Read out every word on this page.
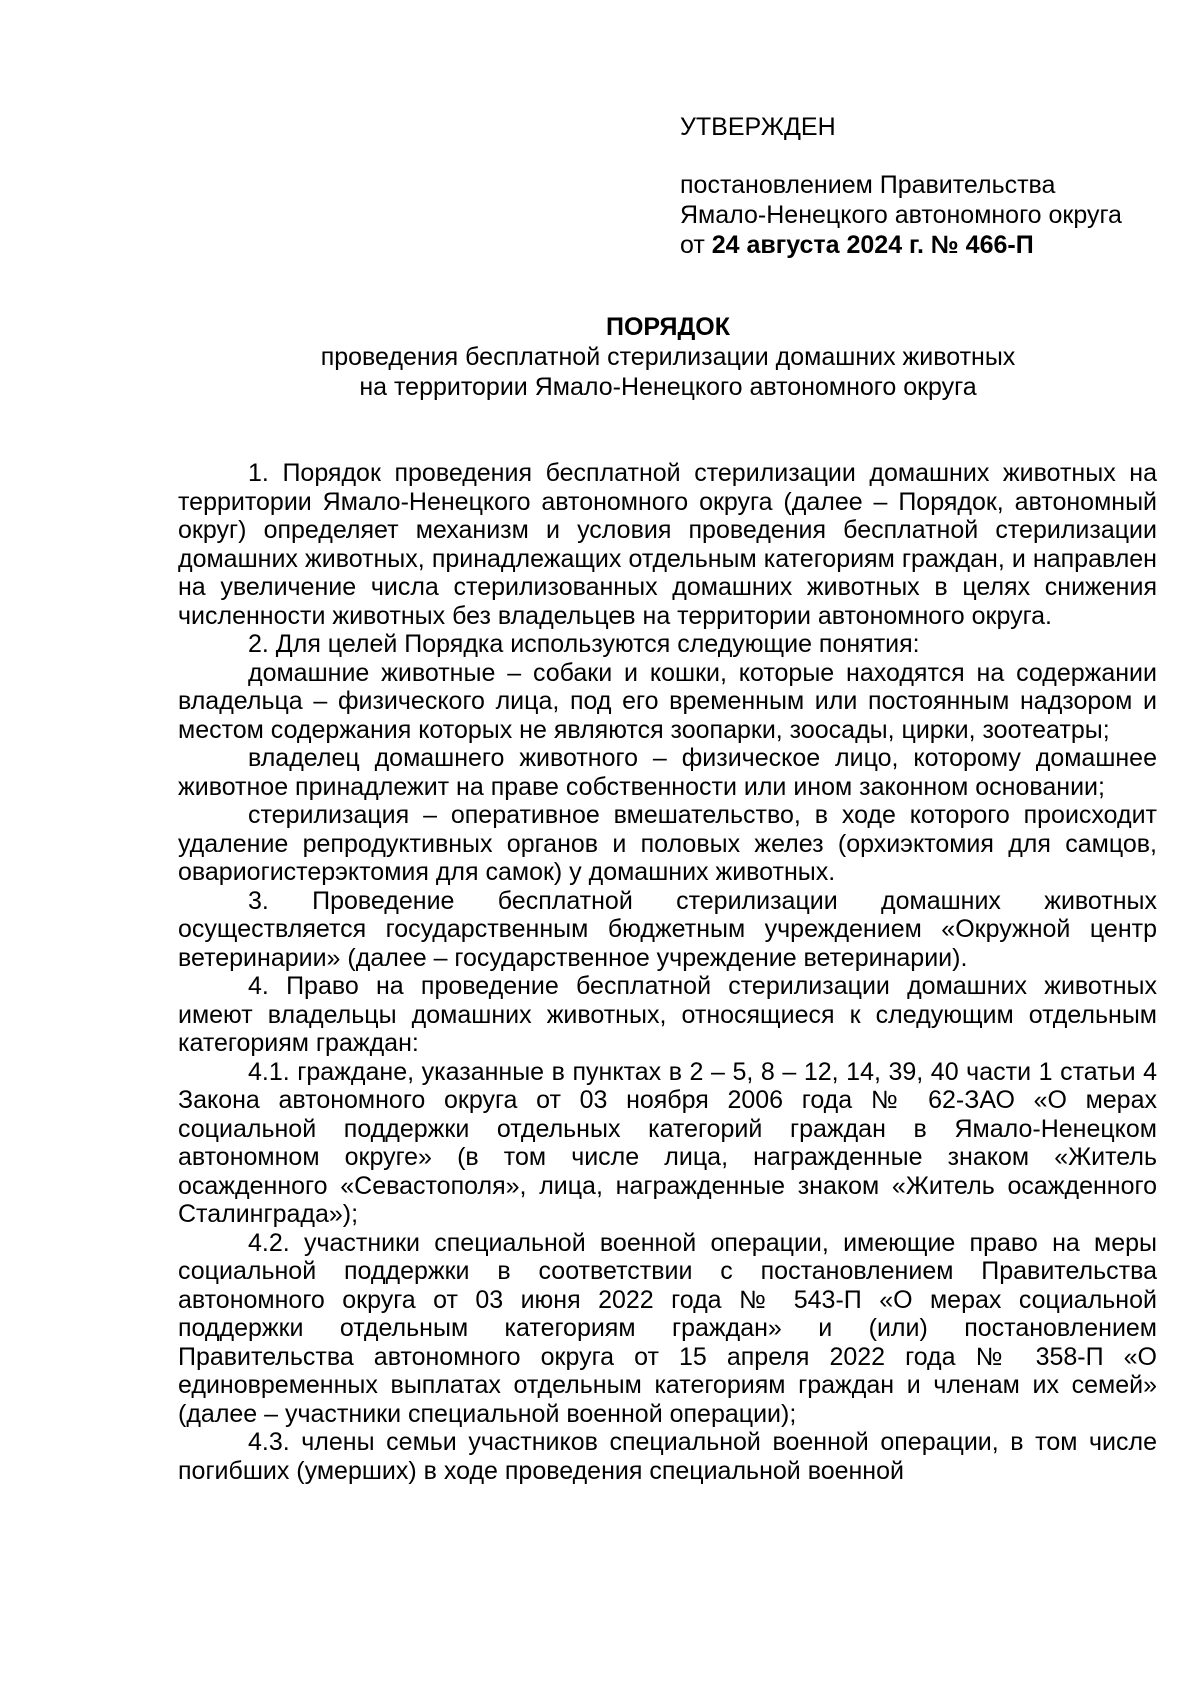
УТВЕРЖДЕН
постановлением Правительства
Ямало-Ненецкого автономного округа
от 24 августа 2024 г. № 466-П
ПОРЯДОК
проведения бесплатной стерилизации домашних животных
на территории Ямало-Ненецкого автономного округа

1. Порядок проведения бесплатной стерилизации домашних животных на территории Ямало-Ненецкого автономного округа (далее – Порядок, автономный округ) определяет механизм и условия проведения бесплатной стерилизации домашних животных, принадлежащих отдельным категориям граждан, и направлен на увеличение числа стерилизованных домашних животных в целях снижения численности животных без владельцев на территории автономного округа.

2. Для целей Порядка используются следующие понятия:

домашние животные – собаки и кошки, которые находятся на содержании владельца – физического лица, под его временным или постоянным надзором и местом содержания которых не являются зоопарки, зоосады, цирки, зоотеатры;

владелец домашнего животного – физическое лицо, которому домашнее животное принадлежит на праве собственности или ином законном основании;

стерилизация – оперативное вмешательство, в ходе которого происходит удаление репродуктивных органов и половых желез (орхиэктомия для самцов, овариогистерэктомия для самок) у домашних животных.

3. Проведение бесплатной стерилизации домашних животных осуществляется государственным бюджетным учреждением «Окружной центр ветеринарии» (далее – государственное учреждение ветеринарии).

4. Право на проведение бесплатной стерилизации домашних животных имеют владельцы домашних животных, относящиеся к следующим отдельным категориям граждан:

4.1. граждане, указанные в пунктах в 2 – 5, 8 – 12, 14, 39, 40 части 1 статьи 4 Закона автономного округа от 03 ноября 2006 года № 62-ЗАО «О мерах социальной поддержки отдельных категорий граждан в Ямало-Ненецком автономном округе» (в том числе лица, награжденные знаком «Житель осажденного «Севастополя», лица, награжденные знаком «Житель осажденного Сталинграда»);

4.2. участники специальной военной операции, имеющие право на меры социальной поддержки в соответствии с постановлением Правительства автономного округа от 03 июня 2022 года № 543-П «О мерах социальной поддержки отдельным категориям граждан» и (или) постановлением Правительства автономного округа от 15 апреля 2022 года № 358-П «О единовременных выплатах отдельным категориям граждан и членам их семей» (далее – участники специальной военной операции);

4.3. члены семьи участников специальной военной операции, в том числе погибших (умерших) в ходе проведения специальной военной
